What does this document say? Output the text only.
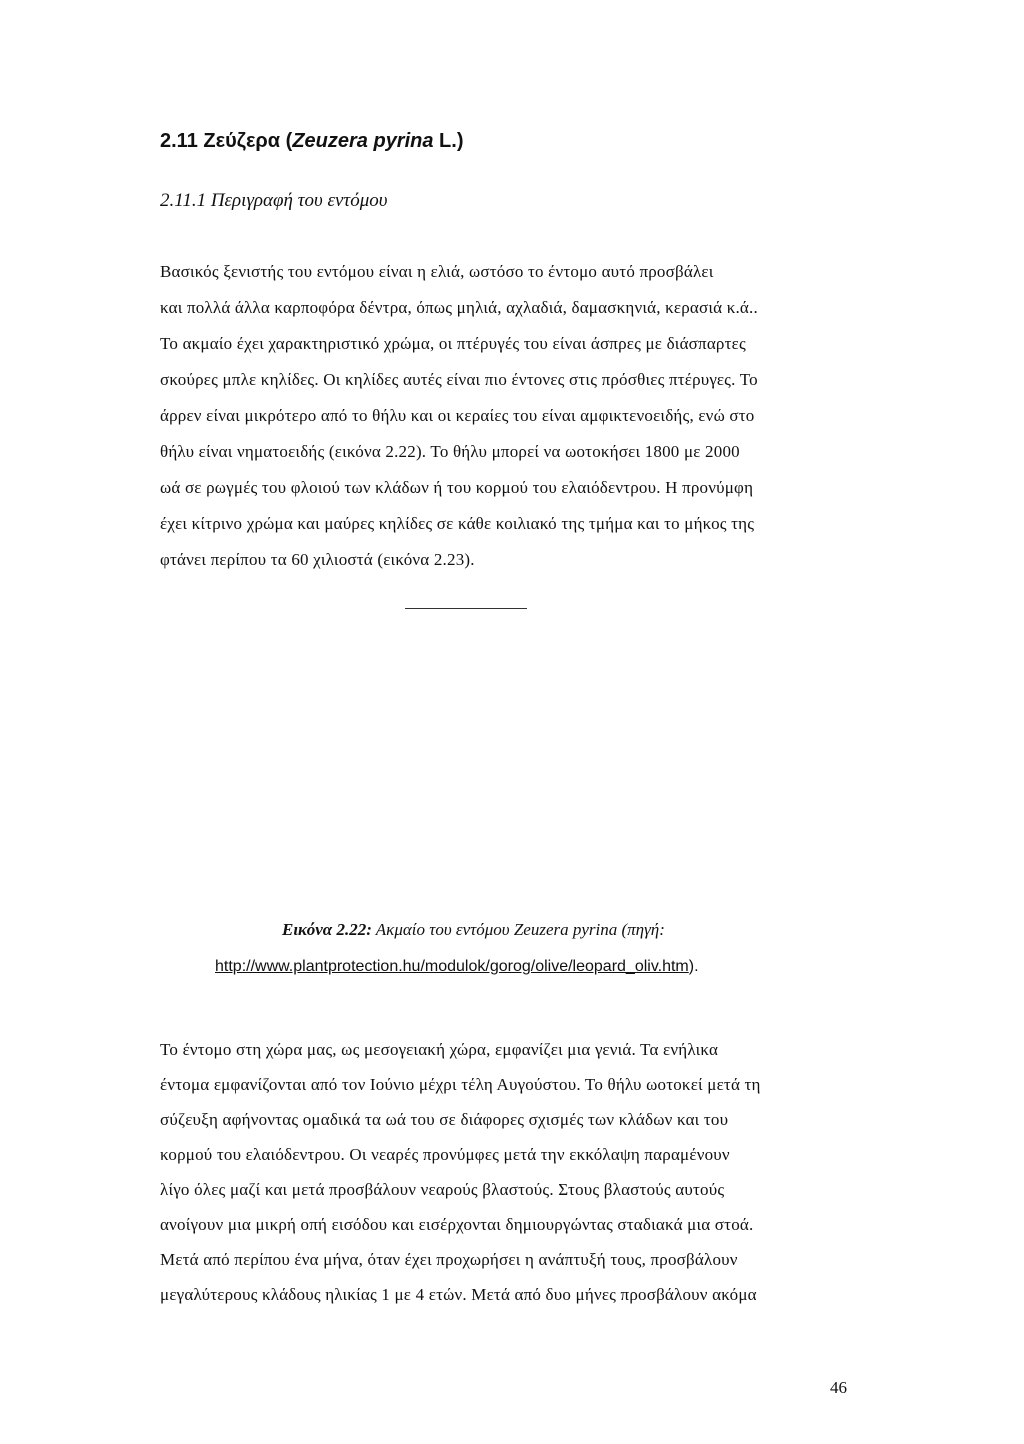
2.11 Ζεύζερα (Zeuzera pyrina L.)
2.11.1 Περιγραφή του εντόμου
Βασικός ξενιστής του εντόμου είναι η ελιά, ωστόσο το έντομο αυτό προσβάλει
και πολλά άλλα καρποφόρα δέντρα, όπως μηλιά, αχλαδιά, δαμασκηνιά, κερασιά κ.ά..
Το ακμαίο έχει χαρακτηριστικό χρώμα, οι πτέρυγές του είναι άσπρες με διάσπαρτες
σκούρες μπλε κηλίδες. Οι κηλίδες αυτές είναι πιο έντονες στις πρόσθιες πτέρυγες. Το
άρρεν είναι μικρότερο από το θήλυ και οι κεραίες του είναι αμφικτενοειδής, ενώ στο
θήλυ είναι νηματοειδής (εικόνα 2.22). Το θήλυ μπορεί να ωοτοκήσει 1800 με 2000
ωά σε ρωγμές του φλοιού των κλάδων ή του κορμού του ελαιόδεντρου. Η προνύμφη
έχει κίτρινο χρώμα και μαύρες κηλίδες σε κάθε κοιλιακό της τμήμα και το μήκος της
φτάνει περίπου τα 60 χιλιοστά (εικόνα 2.23).
Εικόνα 2.22: Ακμαίο του εντόμου Zeuzera pyrina (πηγή:
http://www.plantprotection.hu/modulok/gorog/olive/leopard_oliv.htm).
Το έντομο στη χώρα μας, ως μεσογειακή χώρα, εμφανίζει μια γενιά. Τα ενήλικα
έντομα εμφανίζονται από τον Ιούνιο μέχρι τέλη Αυγούστου. Το θήλυ ωοτοκεί μετά τη
σύζευξη αφήνοντας ομαδικά τα ωά του σε διάφορες σχισμές των κλάδων και του
κορμού του ελαιόδεντρου. Οι νεαρές προνύμφες μετά την εκκόλαψη παραμένουν
λίγο όλες μαζί και μετά προσβάλουν νεαρούς βλαστούς. Στους βλαστούς αυτούς
ανοίγουν μια μικρή οπή εισόδου και εισέρχονται δημιουργώντας σταδιακά μια στοά.
Μετά από περίπου ένα μήνα, όταν έχει προχωρήσει η ανάπτυξή τους, προσβάλουν
μεγαλύτερους κλάδους ηλικίας 1 με 4 ετών. Μετά από δυο μήνες προσβάλουν ακόμα
46
